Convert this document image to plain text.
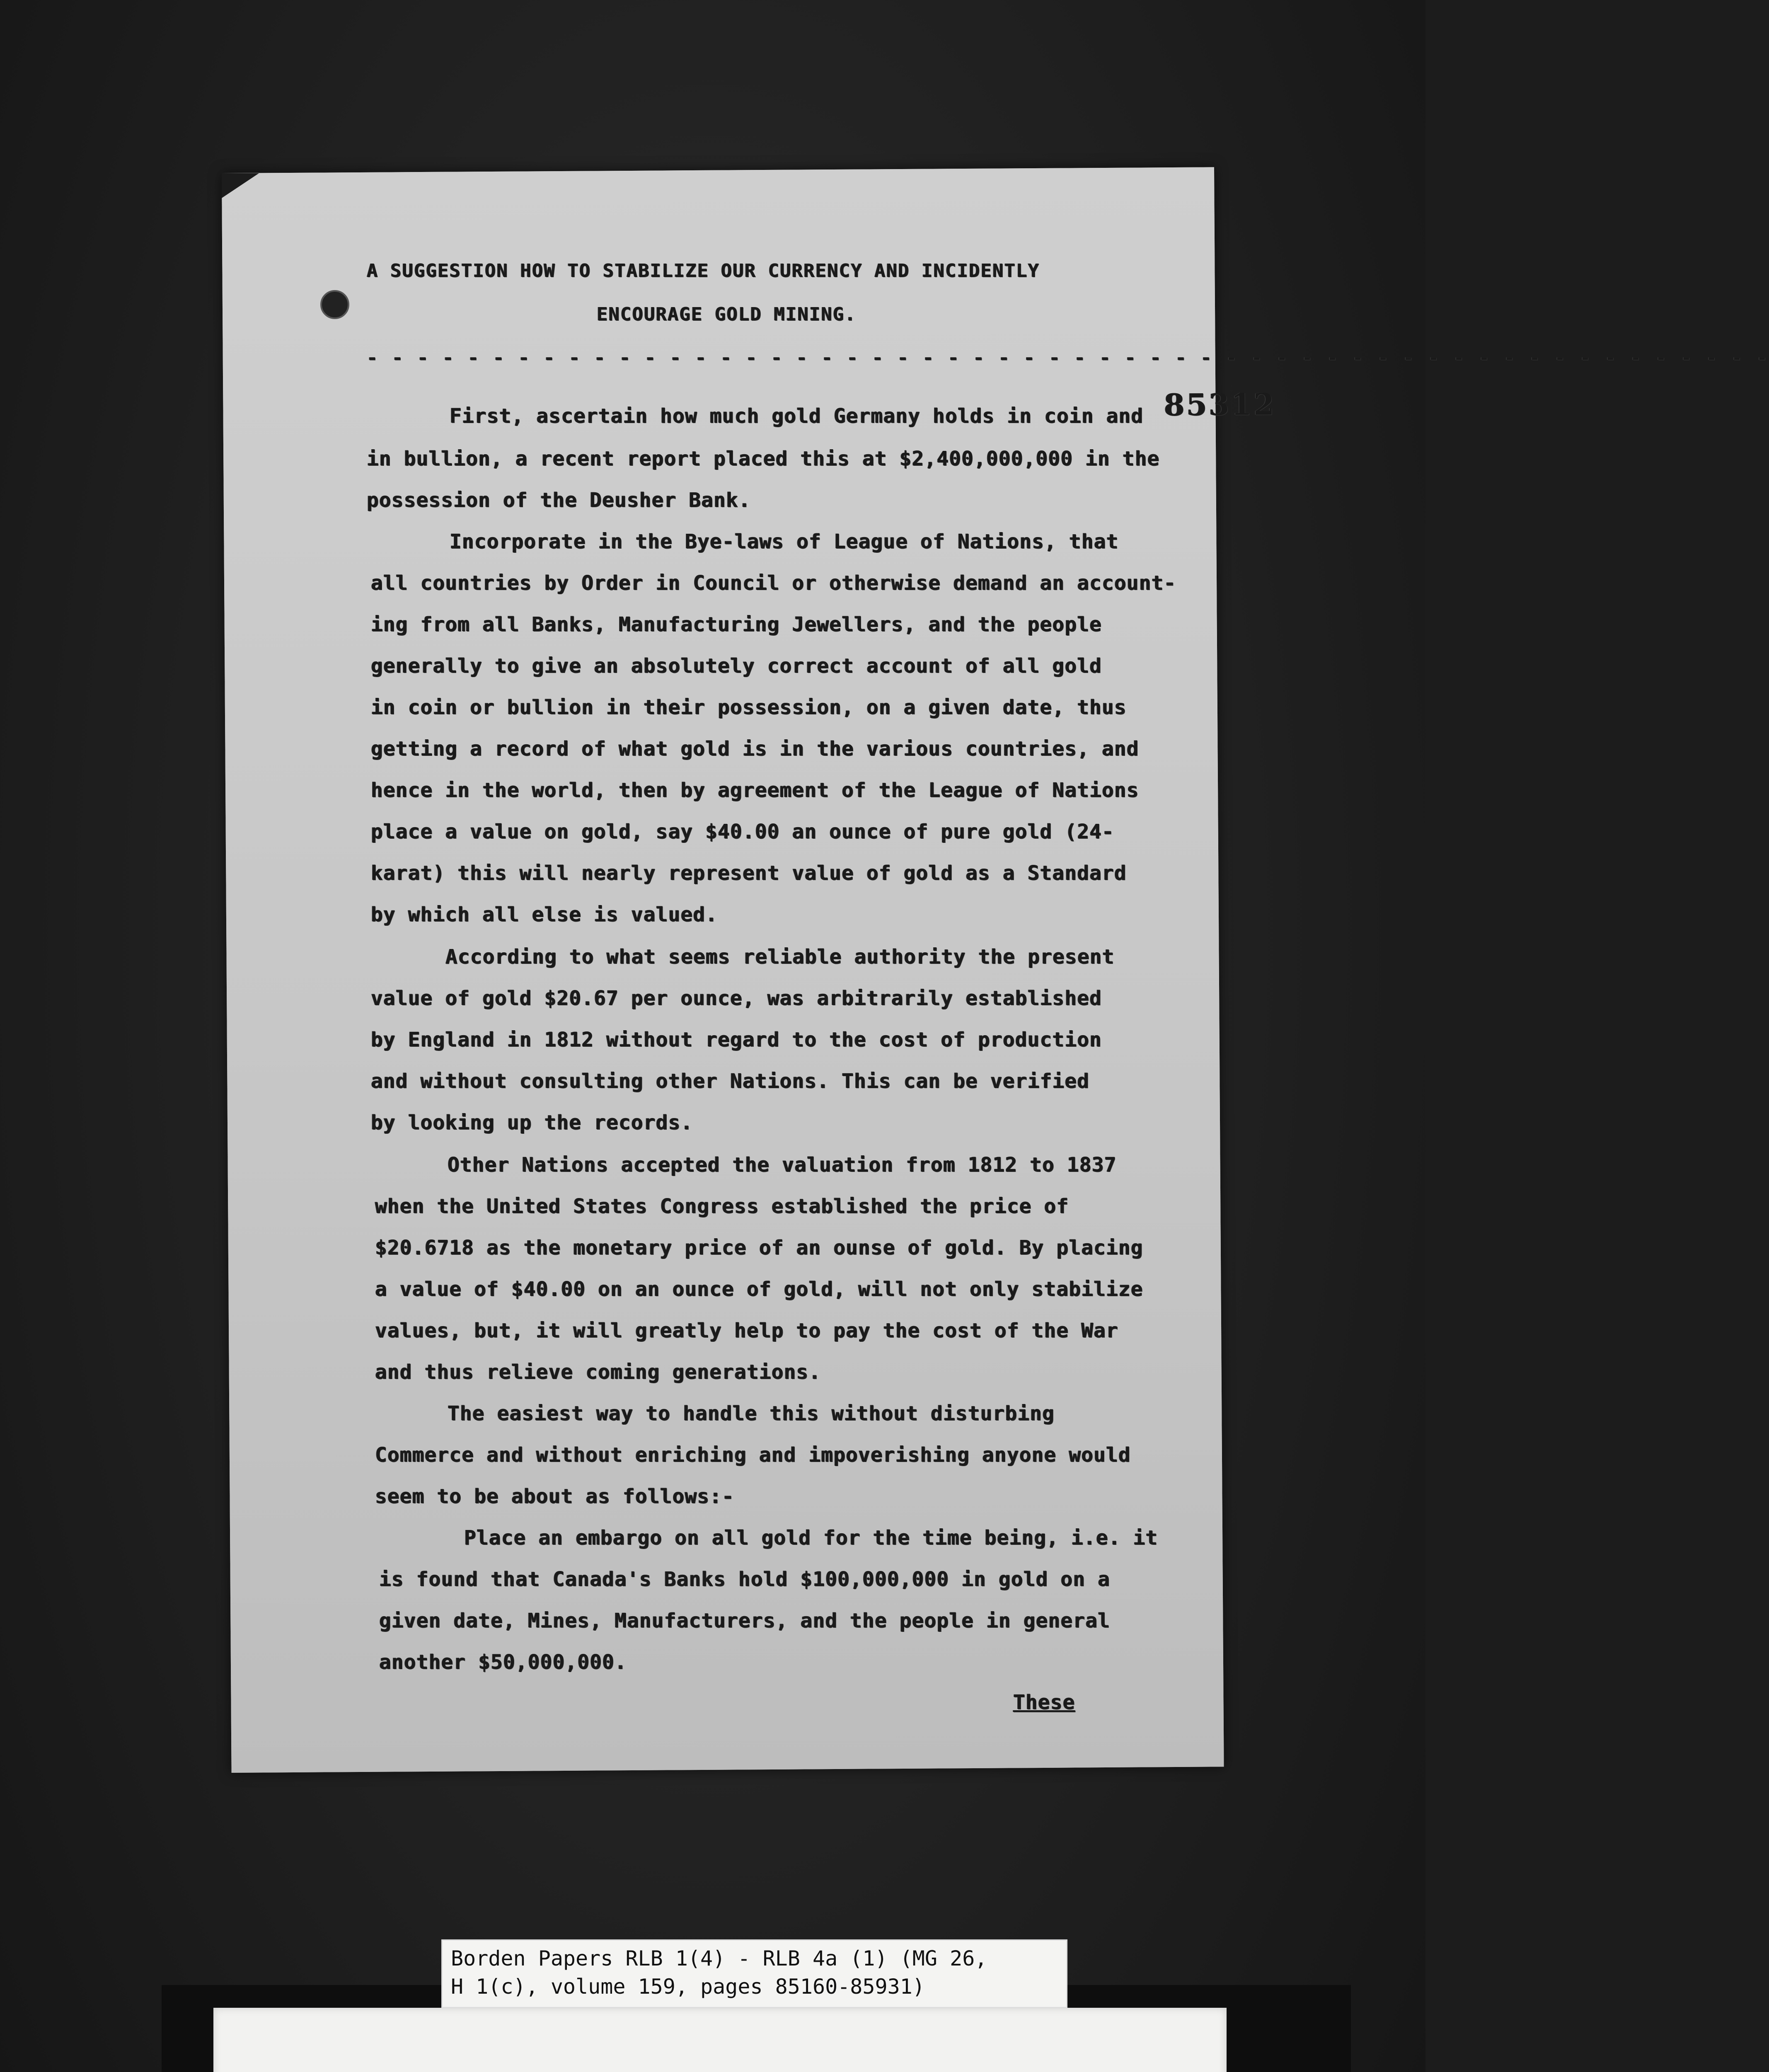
85312
A SUGGESTION HOW TO STABILIZE OUR CURRENCY AND INCIDENTLY
ENCOURAGE GOLD MINING.
- - - - - - - - - - - - - - - - - - - - - - - - - - - - - - - - - - - - - - - - - - - - - - - - - - - - - - - -
First, ascertain how much gold Germany holds in coin and
in bullion, a recent report placed this at $2,400,000,000 in the
possession of the Deusher Bank.
Incorporate in the Bye-laws of League of Nations, that
all countries by Order in Council or otherwise demand an account-
ing from all Banks, Manufacturing Jewellers, and the people
generally to give an absolutely correct account of all gold
in coin or bullion in their possession, on a given date, thus
getting a record of what gold is in the various countries, and
hence in the world, then by agreement of the League of Nations
place a value on gold, say $40.00 an ounce of pure gold (24-
karat) this will nearly represent value of gold as a Standard
by which all else is valued.
According to what seems reliable authority the present
value of gold $20.67 per ounce, was arbitrarily established
by England in 1812 without regard to the cost of production
and without consulting other Nations. This can be verified
by looking up the records.
Other Nations accepted the valuation from 1812 to 1837
when the United States Congress established the price of
$20.6718 as the monetary price of an ounse of gold. By placing
a value of $40.00 on an ounce of gold, will not only stabilize
values, but, it will greatly help to pay the cost of the War
and thus relieve coming generations.
The easiest way to handle this without disturbing
Commerce and without enriching and impoverishing anyone would
seem to be about as follows:-
Place an embargo on all gold for the time being, i.e. it
is found that Canada's Banks hold $100,000,000 in gold on a
given date, Mines, Manufacturers, and the people in general
another $50,000,000.
These
Borden Papers RLB 1(4) - RLB 4a (1) (MG 26,
H 1(c), volume 159, pages 85160-85931)
